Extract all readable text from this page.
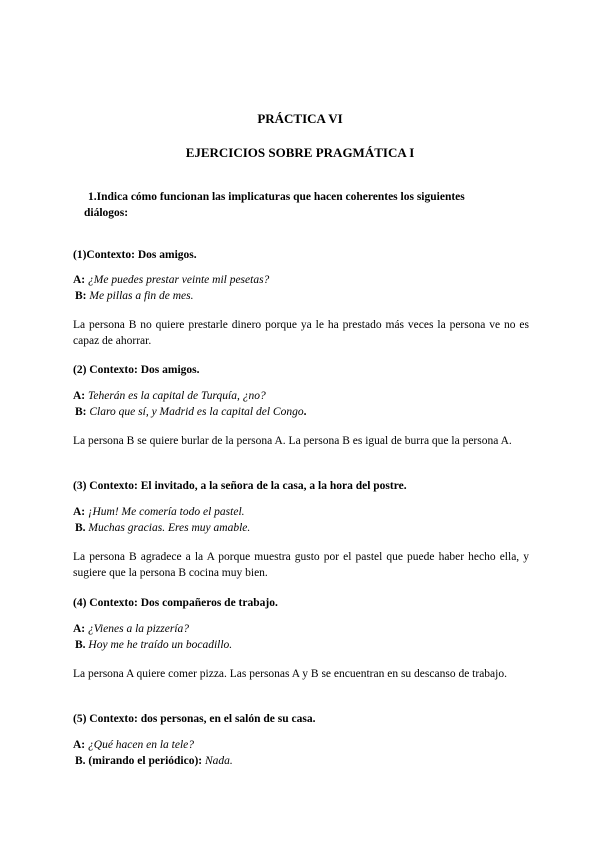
PRÁCTICA VI
EJERCICIOS SOBRE PRAGMÁTICA I
1.Indica cómo funcionan las implicaturas que hacen coherentes los siguientes
diálogos:
(1)Contexto: Dos amigos.
A: ¿Me puedes prestar veinte mil pesetas?
B: Me pillas a fin de mes.
La persona B no quiere prestarle dinero porque ya le ha prestado más veces la persona ve no es capaz de ahorrar.
(2) Contexto: Dos amigos.
A: Teherán es la capital de Turquía, ¿no?
B: Claro que sí, y Madrid es la capital del Congo.
La persona B se quiere burlar de la persona A. La persona B es igual de burra que la persona A.
(3) Contexto: El invitado, a la señora de la casa, a la hora del postre.
A: ¡Hum! Me comería todo el pastel.
B. Muchas gracias. Eres muy amable.
La persona B agradece a la A porque muestra gusto por el pastel que puede haber hecho ella, y sugiere que la persona B cocina muy bien.
(4) Contexto: Dos compañeros de trabajo.
A: ¿Vienes a la pizzería?
B. Hoy me he traído un bocadillo.
La persona A quiere comer pizza. Las personas A y B se encuentran en su descanso de trabajo.
(5) Contexto: dos personas, en el salón de su casa.
A: ¿Qué hacen en la tele?
B. (mirando el periódico): Nada.
